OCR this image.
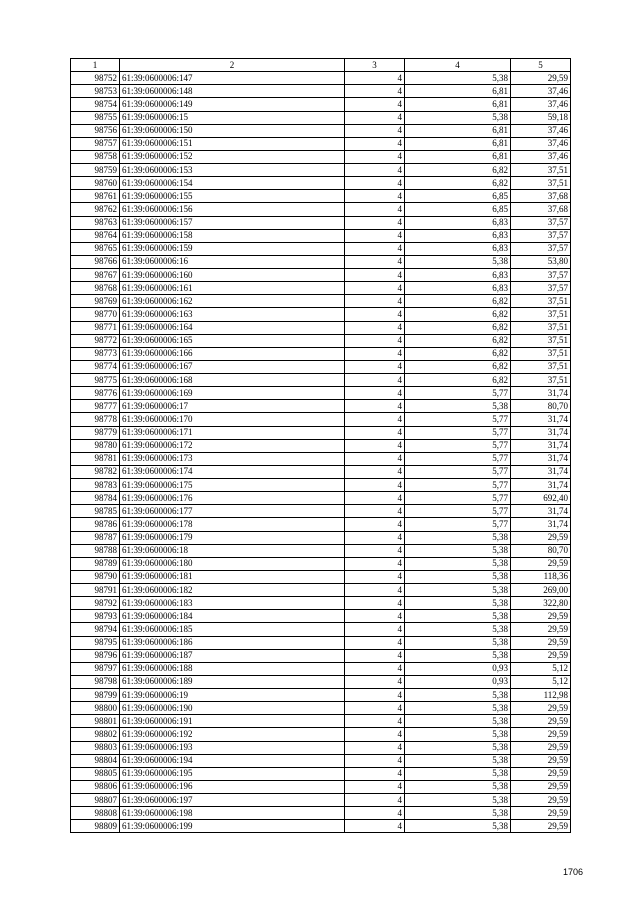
1	2	3	4	5
98752	61:39:0600006:147	4	5,38	29,59
98753	61:39:0600006:148	4	6,81	37,46
98754	61:39:0600006:149	4	6,81	37,46
98755	61:39:0600006:15	4	5,38	59,18
98756	61:39:0600006:150	4	6,81	37,46
98757	61:39:0600006:151	4	6,81	37,46
98758	61:39:0600006:152	4	6,81	37,46
98759	61:39:0600006:153	4	6,82	37,51
98760	61:39:0600006:154	4	6,82	37,51
98761	61:39:0600006:155	4	6,85	37,68
98762	61:39:0600006:156	4	6,85	37,68
98763	61:39:0600006:157	4	6,83	37,57
98764	61:39:0600006:158	4	6,83	37,57
98765	61:39:0600006:159	4	6,83	37,57
98766	61:39:0600006:16	4	5,38	53,80
98767	61:39:0600006:160	4	6,83	37,57
98768	61:39:0600006:161	4	6,83	37,57
98769	61:39:0600006:162	4	6,82	37,51
98770	61:39:0600006:163	4	6,82	37,51
98771	61:39:0600006:164	4	6,82	37,51
98772	61:39:0600006:165	4	6,82	37,51
98773	61:39:0600006:166	4	6,82	37,51
98774	61:39:0600006:167	4	6,82	37,51
98775	61:39:0600006:168	4	6,82	37,51
98776	61:39:0600006:169	4	5,77	31,74
98777	61:39:0600006:17	4	5,38	80,70
98778	61:39:0600006:170	4	5,77	31,74
98779	61:39:0600006:171	4	5,77	31,74
98780	61:39:0600006:172	4	5,77	31,74
98781	61:39:0600006:173	4	5,77	31,74
98782	61:39:0600006:174	4	5,77	31,74
98783	61:39:0600006:175	4	5,77	31,74
98784	61:39:0600006:176	4	5,77	692,40
98785	61:39:0600006:177	4	5,77	31,74
98786	61:39:0600006:178	4	5,77	31,74
98787	61:39:0600006:179	4	5,38	29,59
98788	61:39:0600006:18	4	5,38	80,70
98789	61:39:0600006:180	4	5,38	29,59
98790	61:39:0600006:181	4	5,38	118,36
98791	61:39:0600006:182	4	5,38	269,00
98792	61:39:0600006:183	4	5,38	322,80
98793	61:39:0600006:184	4	5,38	29,59
98794	61:39:0600006:185	4	5,38	29,59
98795	61:39:0600006:186	4	5,38	29,59
98796	61:39:0600006:187	4	5,38	29,59
98797	61:39:0600006:188	4	0,93	5,12
98798	61:39:0600006:189	4	0,93	5,12
98799	61:39:0600006:19	4	5,38	112,98
98800	61:39:0600006:190	4	5,38	29,59
98801	61:39:0600006:191	4	5,38	29,59
98802	61:39:0600006:192	4	5,38	29,59
98803	61:39:0600006:193	4	5,38	29,59
98804	61:39:0600006:194	4	5,38	29,59
98805	61:39:0600006:195	4	5,38	29,59
98806	61:39:0600006:196	4	5,38	29,59
98807	61:39:0600006:197	4	5,38	29,59
98808	61:39:0600006:198	4	5,38	29,59
98809	61:39:0600006:199	4	5,38	29,59
1706
